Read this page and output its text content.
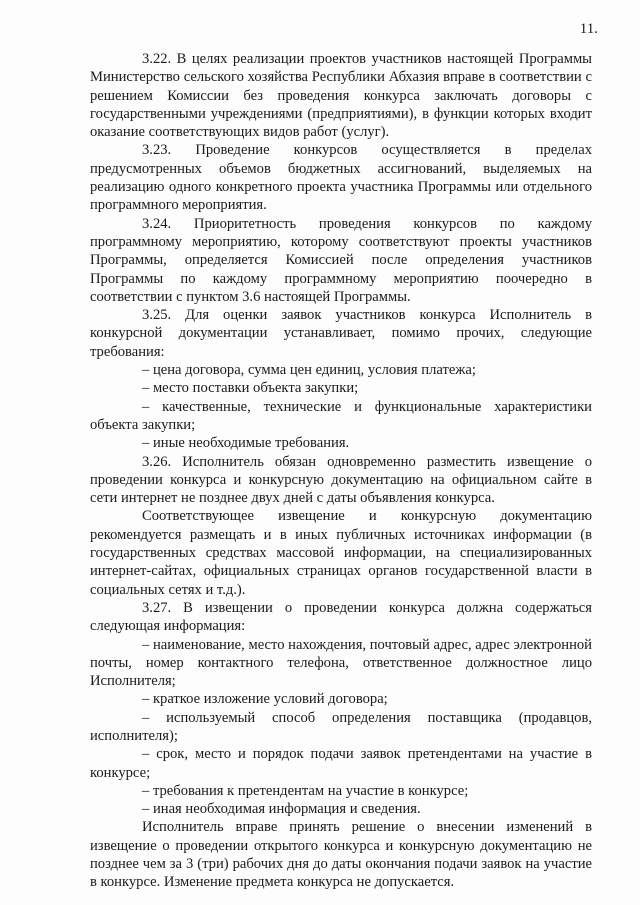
11.

3.22. В целях реализации проектов участников настоящей Программы Министерство сельского хозяйства Республики Абхазия вправе в соответствии с решением Комиссии без проведения конкурса заключать договоры с государственными учреждениями (предприятиями), в функции которых входит оказание соответствующих видов работ (услуг).

3.23. Проведение конкурсов осуществляется в пределах предусмотренных объемов бюджетных ассигнований, выделяемых на реализацию одного конкретного проекта участника Программы или отдельного программного мероприятия.

3.24. Приоритетность проведения конкурсов по каждому программному мероприятию, которому соответствуют проекты участников Программы, определяется Комиссией после определения участников Программы по каждому программному мероприятию поочередно в соответствии с пунктом 3.6 настоящей Программы.

3.25. Для оценки заявок участников конкурса Исполнитель в конкурсной документации устанавливает, помимо прочих, следующие требования:

– цена договора, сумма цен единиц, условия платежа;

– место поставки объекта закупки;

– качественные, технические и функциональные характеристики объекта закупки;

– иные необходимые требования.

3.26. Исполнитель обязан одновременно разместить извещение о проведении конкурса и конкурсную документацию на официальном сайте в сети интернет не позднее двух дней с даты объявления конкурса.

Соответствующее извещение и конкурсную документацию рекомендуется размещать и в иных публичных источниках информации (в государственных средствах массовой информации, на специализированных интернет-сайтах, официальных страницах органов государственной власти в социальных сетях и т.д.).

3.27. В извещении о проведении конкурса должна содержаться следующая информация:

– наименование, место нахождения, почтовый адрес, адрес электронной почты, номер контактного телефона, ответственное должностное лицо Исполнителя;

– краткое изложение условий договора;

– используемый способ определения поставщика (продавцов, исполнителя);

– срок, место и порядок подачи заявок претендентами на участие в конкурсе;

– требования к претендентам на участие в конкурсе;

– иная необходимая информация и сведения.

Исполнитель вправе принять решение о внесении изменений в извещение о проведении открытого конкурса и конкурсную документацию не позднее чем за 3 (три) рабочих дня до даты окончания подачи заявок на участие в конкурсе. Изменение предмета конкурса не допускается.
